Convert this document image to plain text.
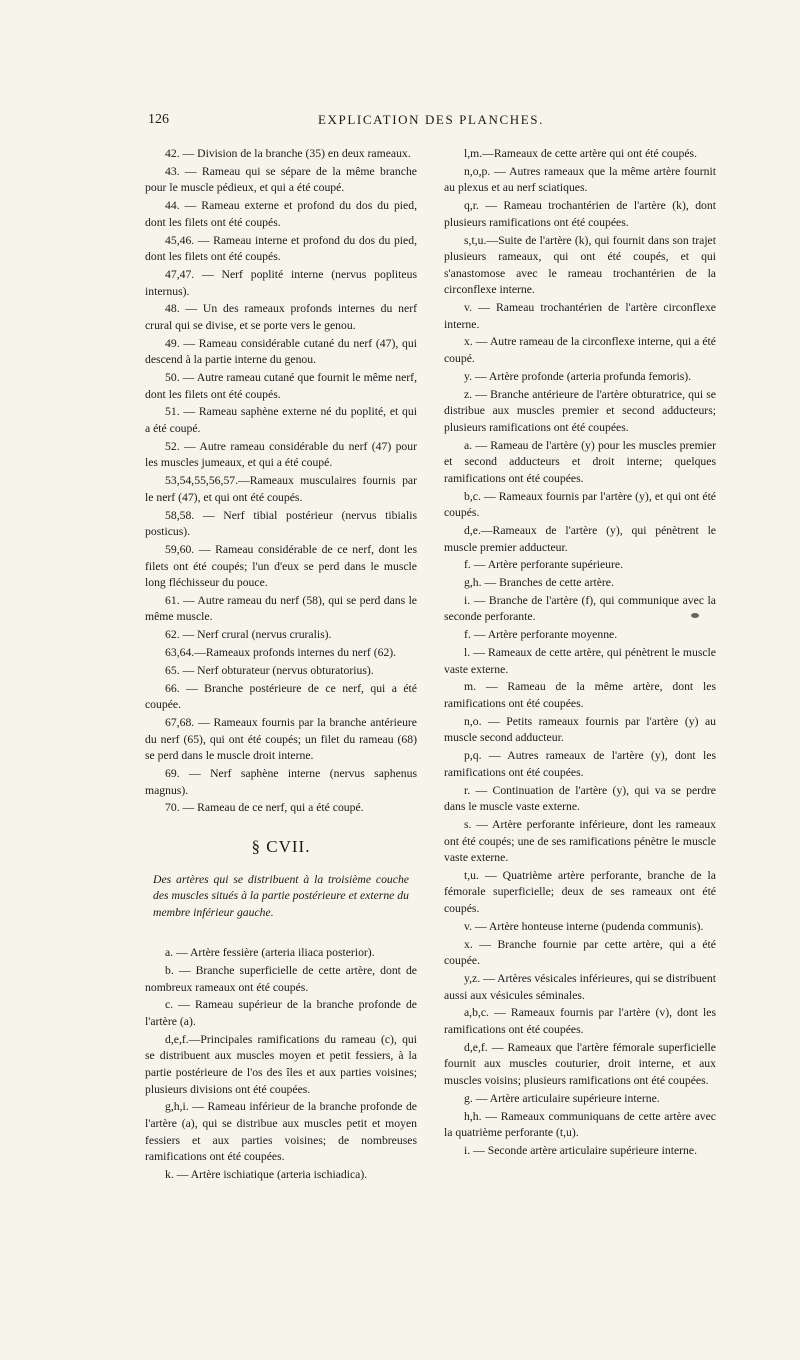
126	EXPLICATION DES PLANCHES.

42. — Division de la branche (35) en deux rameaux.

43. — Rameau qui se sépare de la même branche pour le muscle pédieux, et qui a été coupé.

44. — Rameau externe et profond du dos du pied, dont les filets ont été coupés.

45,46. — Rameau interne et profond du dos du pied, dont les filets ont été coupés.

47,47. — Nerf poplité interne (nervus popliteus internus).

48. — Un des rameaux profonds internes du nerf crural qui se divise, et se porte vers le genou.

49. — Rameau considérable cutané du nerf (47), qui descend à la partie interne du genou.

50. — Autre rameau cutané que fournit le même nerf, dont les filets ont été coupés.

51. — Rameau saphène externe né du poplité, et qui a été coupé.

52. — Autre rameau considérable du nerf (47) pour les muscles jumeaux, et qui a été coupé.

53,54,55,56,57.—Rameaux musculaires fournis par le nerf (47), et qui ont été coupés.

58,58. — Nerf tibial postérieur (nervus tibialis posticus).

59,60. — Rameau considérable de ce nerf, dont les filets ont été coupés; l'un d'eux se perd dans le muscle long fléchisseur du pouce.

61. — Autre rameau du nerf (58), qui se perd dans le même muscle.

62. — Nerf crural (nervus cruralis).

63,64.—Rameaux profonds internes du nerf (62).

65. — Nerf obturateur (nervus obturatorius).

66. — Branche postérieure de ce nerf, qui a été coupée.

67,68. — Rameaux fournis par la branche antérieure du nerf (65), qui ont été coupés; un filet du rameau (68) se perd dans le muscle droit interne.

69. — Nerf saphène interne (nervus saphenus magnus).

70. — Rameau de ce nerf, qui a été coupé.

§ CVII.
Des artères qui se distribuent à la troisième couche des muscles situés à la partie postérieure et externe du membre inférieur gauche.

a. — Artère fessière (arteria iliaca posterior).

b. — Branche superficielle de cette artère, dont de nombreux rameaux ont été coupés.

c. — Rameau supérieur de la branche profonde de l'artère (a).

d,e,f.—Principales ramifications du rameau (c), qui se distribuent aux muscles moyen et petit fessiers, à la partie postérieure de l'os des îles et aux parties voisines; plusieurs divisions ont été coupées.

g,h,i. — Rameau inférieur de la branche profonde de l'artère (a), qui se distribue aux muscles petit et moyen fessiers et aux parties voisines; de nombreuses ramifications ont été coupées.

k. — Artère ischiatique (arteria ischiadica).

l,m.—Rameaux de cette artère qui ont été coupés.

n,o,p. — Autres rameaux que la même artère fournit au plexus et au nerf sciatiques.

q,r. — Rameau trochantérien de l'artère (k), dont plusieurs ramifications ont été coupées.

s,t,u.—Suite de l'artère (k), qui fournit dans son trajet plusieurs rameaux, qui ont été coupés, et qui s'anastomose avec le rameau trochantérien de la circonflexe interne.

v. — Rameau trochantérien de l'artère circonflexe interne.

x. — Autre rameau de la circonflexe interne, qui a été coupé.

y. — Artère profonde (arteria profunda femoris).

z. — Branche antérieure de l'artère obturatrice, qui se distribue aux muscles premier et second adducteurs; plusieurs ramifications ont été coupées.

a. — Rameau de l'artère (y) pour les muscles premier et second adducteurs et droit interne; quelques ramifications ont été coupées.

b,c. — Rameaux fournis par l'artère (y), et qui ont été coupés.

d,e.—Rameaux de l'artère (y), qui pénètrent le muscle premier adducteur.

f. — Artère perforante supérieure.

g,h. — Branches de cette artère.

i. — Branche de l'artère (f), qui communique avec la seconde perforante.

f. — Artère perforante moyenne.

l. — Rameaux de cette artère, qui pénètrent le muscle vaste externe.

m. — Rameau de la même artère, dont les ramifications ont été coupées.

n,o. — Petits rameaux fournis par l'artère (y) au muscle second adducteur.

p,q. — Autres rameaux de l'artère (y), dont les ramifications ont été coupées.

r. — Continuation de l'artère (y), qui va se perdre dans le muscle vaste externe.

s. — Artère perforante inférieure, dont les rameaux ont été coupés; une de ses ramifications pénètre le muscle vaste externe.

t,u. — Quatrième artère perforante, branche de la fémorale superficielle; deux de ses rameaux ont été coupés.

v. — Artère honteuse interne (pudenda communis).

x. — Branche fournie par cette artère, qui a été coupée.

y,z. — Artères vésicales inférieures, qui se distribuent aussi aux vésicules séminales.

a,b,c. — Rameaux fournis par l'artère (v), dont les ramifications ont été coupées.

d,e,f. — Rameaux que l'artère fémorale superficielle fournit aux muscles couturier, droit interne, et aux muscles voisins; plusieurs ramifications ont été coupées.

g. — Artère articulaire supérieure interne.

h,h. — Rameaux communiquans de cette artère avec la quatrième perforante (t,u).

i. — Seconde artère articulaire supérieure interne.
